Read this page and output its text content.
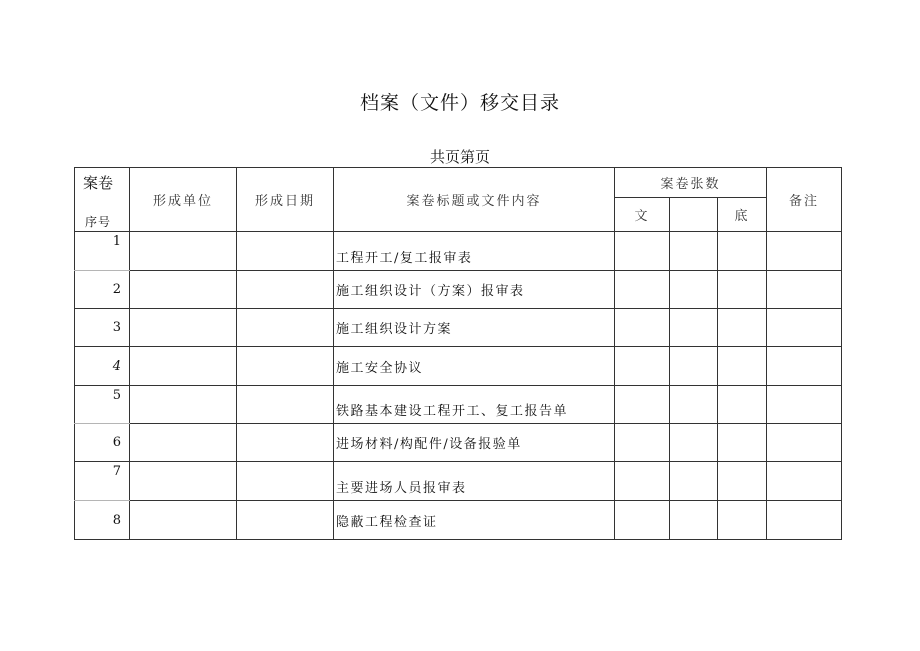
档案（文件）移交目录
共页第页
案卷
序号	形成单位	形成日期	案卷标题或文件内容	案卷张数			备注
				文		底	
1			工程开工/复工报审表				
2			施工组织设计（方案）报审表				
3			施工组织设计方案				
4			施工安全协议				
5			铁路基本建设工程开工、复工报告单				
6			进场材料/构配件/设备报验单				
7			主要进场人员报审表				
8			隐蔽工程检查证				
